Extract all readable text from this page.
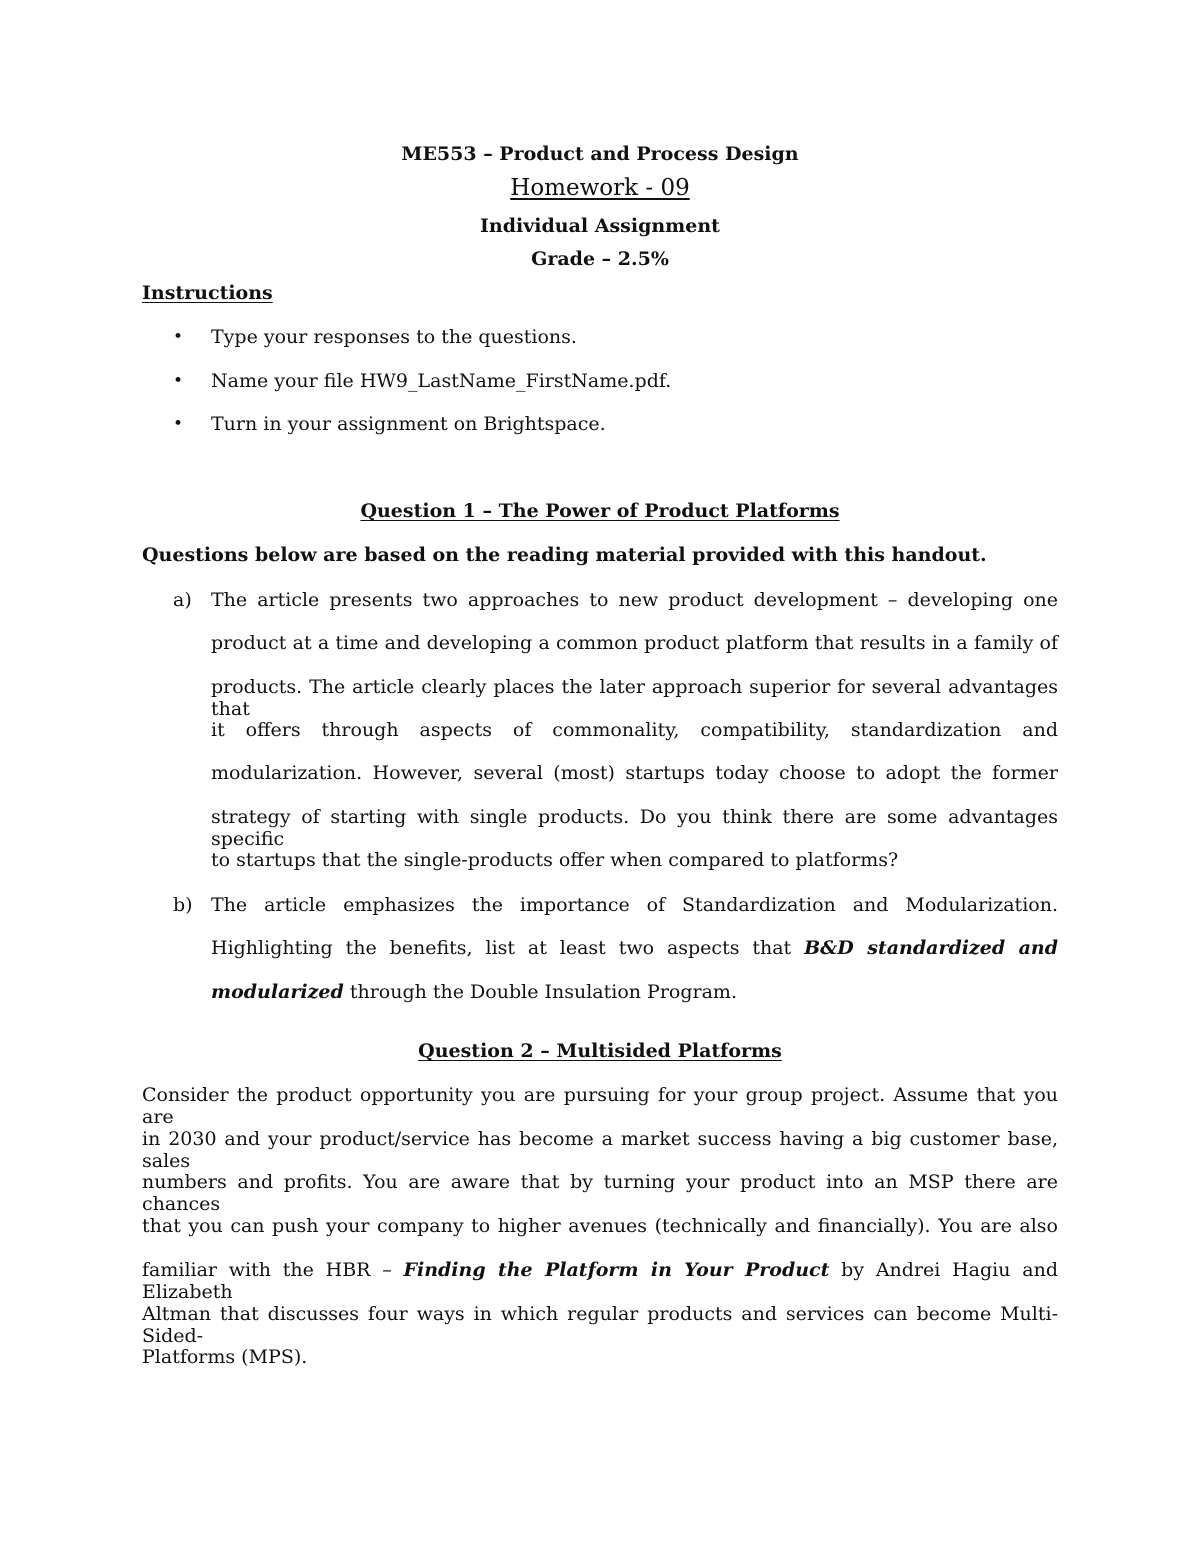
ME553 – Product and Process Design
Homework - 09
Individual Assignment
Grade – 2.5%
Instructions
• Type your responses to the questions.
• Name your file HW9_LastName_FirstName.pdf.
• Turn in your assignment on Brightspace.
Question 1 – The Power of Product Platforms
Questions below are based on the reading material provided with this handout.
a) The article presents two approaches to new product development – developing one
product at a time and developing a common product platform that results in a family of
products. The article clearly places the later approach superior for several advantages that
it offers through aspects of commonality, compatibility, standardization and
modularization. However, several (most) startups today choose to adopt the former
strategy of starting with single products. Do you think there are some advantages specific
to startups that the single-products offer when compared to platforms?
b) The article emphasizes the importance of Standardization and Modularization.
Highlighting the benefits, list at least two aspects that B&D standardized and
modularized through the Double Insulation Program.
Question 2 – Multisided Platforms
Consider the product opportunity you are pursuing for your group project. Assume that you are
in 2030 and your product/service has become a market success having a big customer base, sales
numbers and profits. You are aware that by turning your product into an MSP there are chances
that you can push your company to higher avenues (technically and financially). You are also
familiar with the HBR – Finding the Platform in Your Product by Andrei Hagiu and Elizabeth
Altman that discusses four ways in which regular products and services can become Multi-Sided-
Platforms (MPS).
